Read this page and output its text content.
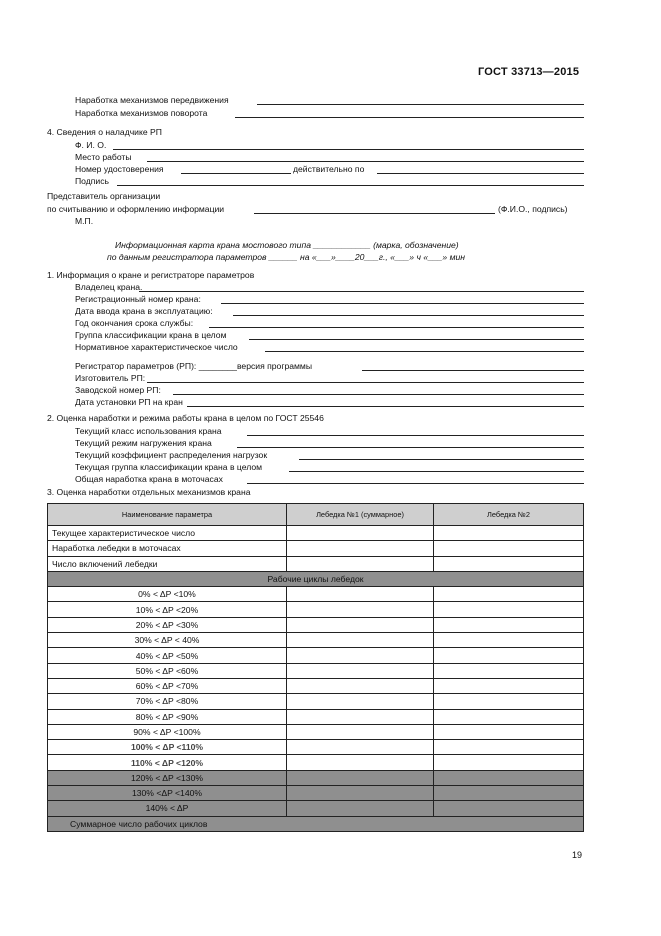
ГОСТ 33713—2015
Наработка механизмов передвижения
Наработка механизмов поворота
4. Сведения о наладчике РП
Ф. И. О.
Место работы
Номер удостоверения	действительно по
Подпись
Представитель организации
по считыванию и оформлению информации	(Ф.И.О., подпись)
М.П.
Информационная карта крана мостового типа ____________ (марка, обозначение)
по данным регистратора параметров ______ на «___»____20___г., «___» ч «___» мин
1. Информация о кране и регистраторе параметров
Владелец крана.
Регистрационный номер крана:
Дата ввода крана в эксплуатацию:
Год окончания срока службы:
Группа классификации крана в целом
Нормативное характеристическое число
Регистратор параметров (РП): ________версия программы
Изготовитель РП:
Заводской номер РП:
Дата установки РП на кран
2. Оценка наработки и режима работы крана в целом по ГОСТ 25546
Текущий класс использования крана
Текущий режим нагружения крана
Текущий коэффициент распределения нагрузок
Текущая группа классификации крана в целом
Общая наработка крана в моточасах
3. Оценка наработки отдельных механизмов крана
Наименование параметра	Лебедка №1 (суммарное)	Лебедка №2
Текущее характеристическое число		
Наработка лебедки в моточасах		
Число включений лебедки		
Рабочие циклы лебедок		
0% < ΔP <10%		
10% < ΔP <20%		
20% < ΔP <30%		
30% < ΔP < 40%		
40% < ΔP <50%		
50% < ΔP <60%		
60% < ΔP <70%		
70% < ΔP <80%		
80% < ΔP <90%		
90% < ΔP <100%		
100% < ΔP <110%		
110% < ΔP <120%		
120% < ΔP <130%		
130% <ΔP <140%		
140% < ΔP		
Суммарное число рабочих циклов		
19
